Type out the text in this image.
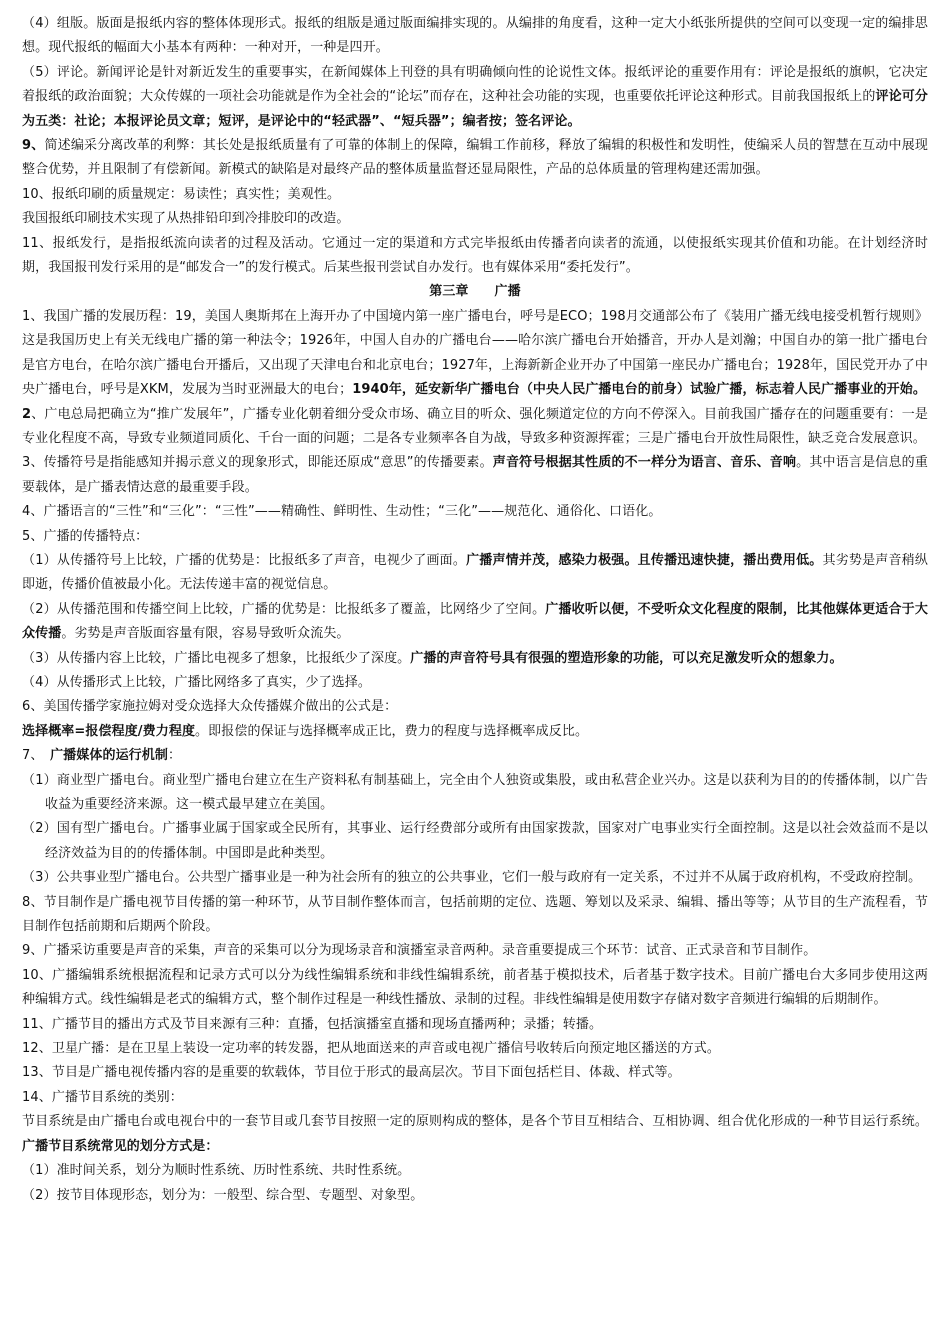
（4）组版。版面是报纸内容的整体体现形式。报纸的组版是通过版面编排实现的。从编排的角度看，这种一定大小纸张所提供的空间可以变现一定的编排思想。现代报纸的幅面大小基本有两种：一种对开，一种是四开。

（5）评论。新闻评论是针对新近发生的重要事实，在新闻媒体上刊登的具有明确倾向性的论说性文体。报纸评论的重要作用有：评论是报纸的旗帜，它决定着报纸的政治面貌；大众传媒的一项社会功能就是作为全社会的“论坛”而存在，这种社会功能的实现，也重要依托评论这种形式。目前我国报纸上的评论可分为五类：社论；本报评论员文章；短评，是评论中的“轻武器”、“短兵器”；编者按；签名评论。

9、简述编采分离改革的利弊：其长处是报纸质量有了可靠的体制上的保障，编辑工作前移，释放了编辑的积极性和发明性，使编采人员的智慧在互动中展现整合优势，并且限制了有偿新闻。新模式的缺陷是对最终产品的整体质量监督还显局限性，产品的总体质量的管理构建还需加强。

10、报纸印刷的质量规定：易读性；真实性；美观性。

我国报纸印刷技术实现了从热排铅印到冷排胶印的改造。

11、报纸发行，是指报纸流向读者的过程及活动。它通过一定的渠道和方式完毕报纸由传播者向读者的流通，以使报纸实现其价值和功能。在计划经济时期，我国报刊发行采用的是“邮发合一”的发行模式。后某些报刊尝试自办发行。也有媒体采用“委托发行”。

第三章 广播

1、我国广播的发展历程：19，美国人奥斯邦在上海开办了中国境内第一座广播电台，呼号是ECO；198月交通部公布了《装用广播无线电接受机暂行规则》这是我国历史上有关无线电广播的第一种法令；1926年，中国人自办的广播电台——哈尔滨广播电台开始播音，开办人是刘瀚；中国自办的第一批广播电台是官方电台，在哈尔滨广播电台开播后，又出现了天津电台和北京电台；1927年，上海新新企业开办了中国第一座民办广播电台；1928年，国民党开办了中央广播电台，呼号是XKM，发展为当时亚洲最大的电台；1940年，延安新华广播电台（中央人民广播电台的前身）试验广播，标志着人民广播事业的开始。

2、广电总局把确立为“推广发展年”，广播专业化朝着细分受众市场、确立目的听众、强化频道定位的方向不停深入。目前我国广播存在的问题重要有：一是专业化程度不高，导致专业频道同质化、千台一面的问题；二是各专业频率各自为战，导致多种资源挥霍；三是广播电台开放性局限性，缺乏竞合发展意识。

3、传播符号是指能感知并揭示意义的现象形式，即能还原成“意思”的传播要素。声音符号根据其性质的不一样分为语言、音乐、音响。其中语言是信息的重要载体，是广播表情达意的最重要手段。

4、广播语言的“三性”和“三化”：“三性”——精确性、鲜明性、生动性；“三化”——规范化、通俗化、口语化。

5、广播的传播特点：

（1）从传播符号上比较，广播的优势是：比报纸多了声音，电视少了画面。广播声情并茂，感染力极强。且传播迅速快捷，播出费用低。其劣势是声音稍纵即逝，传播价值被最小化。无法传递丰富的视觉信息。

（2）从传播范围和传播空间上比较，广播的优势是：比报纸多了覆盖，比网络少了空间。广播收听以便，不受听众文化程度的限制，比其他媒体更适合于大众传播。劣势是声音版面容量有限，容易导致听众流失。

（3）从传播内容上比较，广播比电视多了想象，比报纸少了深度。广播的声音符号具有很强的塑造形象的功能，可以充足激发听众的想象力。

（4）从传播形式上比较，广播比网络多了真实，少了选择。

6、美国传播学家施拉姆对受众选择大众传播媒介做出的公式是：

选择概率=报偿程度/费力程度。即报偿的保证与选择概率成正比，费力的程度与选择概率成反比。

7、　广播媒体的运行机制：

（1）商业型广播电台。商业型广播电台建立在生产资料私有制基础上，完全由个人独资或集股，或由私营企业兴办。这是以获利为目的的传播体制，以广告收益为重要经济来源。这一模式最早建立在美国。

（2）国有型广播电台。广播事业属于国家或全民所有，其事业、运行经费部分或所有由国家拨款，国家对广电事业实行全面控制。这是以社会效益而不是以经济效益为目的的传播体制。中国即是此种类型。

（3）公共事业型广播电台。公共型广播事业是一种为社会所有的独立的公共事业，它们一般与政府有一定关系，不过并不从属于政府机构，不受政府控制。

8、节目制作是广播电视节目传播的第一种环节，从节目制作整体而言，包括前期的定位、选题、筹划以及采录、编辑、播出等等；从节目的生产流程看，节目制作包括前期和后期两个阶段。

9、广播采访重要是声音的采集，声音的采集可以分为现场录音和演播室录音两种。录音重要提成三个环节：试音、正式录音和节目制作。

10、广播编辑系统根据流程和记录方式可以分为线性编辑系统和非线性编辑系统，前者基于模拟技术，后者基于数字技术。目前广播电台大多同步使用这两种编辑方式。线性编辑是老式的编辑方式，整个制作过程是一种线性播放、录制的过程。非线性编辑是使用数字存储对数字音频进行编辑的后期制作。

11、广播节目的播出方式及节目来源有三种：直播，包括演播室直播和现场直播两种；录播；转播。

12、卫星广播：是在卫星上装设一定功率的转发器，把从地面送来的声音或电视广播信号收转后向预定地区播送的方式。

13、节目是广播电视传播内容的是重要的软载体，节目位于形式的最高层次。节目下面包括栏目、体裁、样式等。

14、广播节目系统的类别：

节目系统是由广播电台或电视台中的一套节目或几套节目按照一定的原则构成的整体，是各个节目互相结合、互相协调、组合优化形成的一种节目运行系统。广播节目系统常见的划分方式是：

（1）准时间关系，划分为顺时性系统、历时性系统、共时性系统。

（2）按节目体现形态，划分为：一般型、综合型、专题型、对象型。
